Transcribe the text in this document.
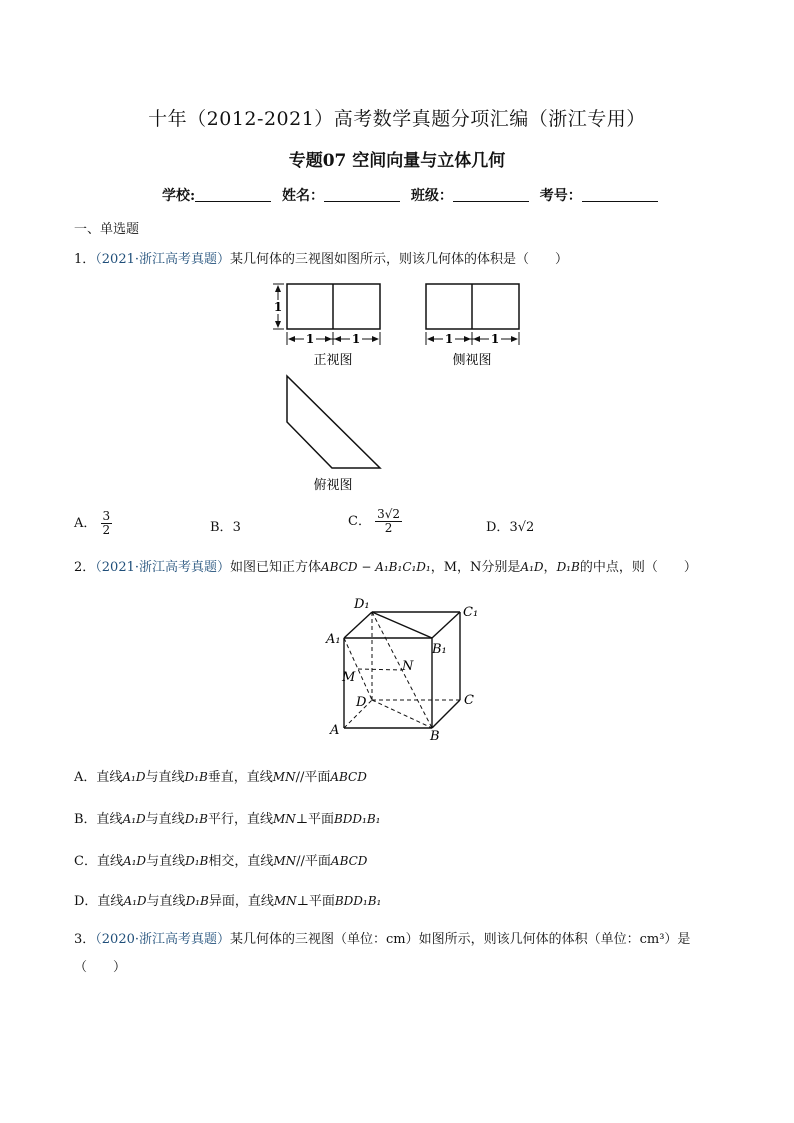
十年（2012-2021）高考数学真题分项汇编（浙江专用）
专题07 空间向量与立体几何
学校:	姓名：	班级：	考号：
一、单选题
1．（2021·浙江高考真题）某几何体的三视图如图所示，则该几何体的体积是（　　）
1
1	1
正视图
1	1
侧视图
俯视图
A． $\frac{3}{2}$	B．3	C． $\frac{3√2}{2}$	D．3√2
2．（2021·浙江高考真题）如图已知正方体ABCD − A₁B₁C₁D₁，M，N分别是A₁D，D₁B的中点，则（　　）
D₁
C₁
A₁
B₁
N
M
D	C
A	B
A．直线A₁D与直线D₁B垂直，直线MN//平面ABCD
B．直线A₁D与直线D₁B平行，直线MN⊥平面BDD₁B₁
C．直线A₁D与直线D₁B相交，直线MN//平面ABCD
D．直线A₁D与直线D₁B异面，直线MN⊥平面BDD₁B₁
3．（2020·浙江高考真题）某几何体的三视图（单位：cm）如图所示，则该几何体的体积（单位：cm³）是
（　　）
